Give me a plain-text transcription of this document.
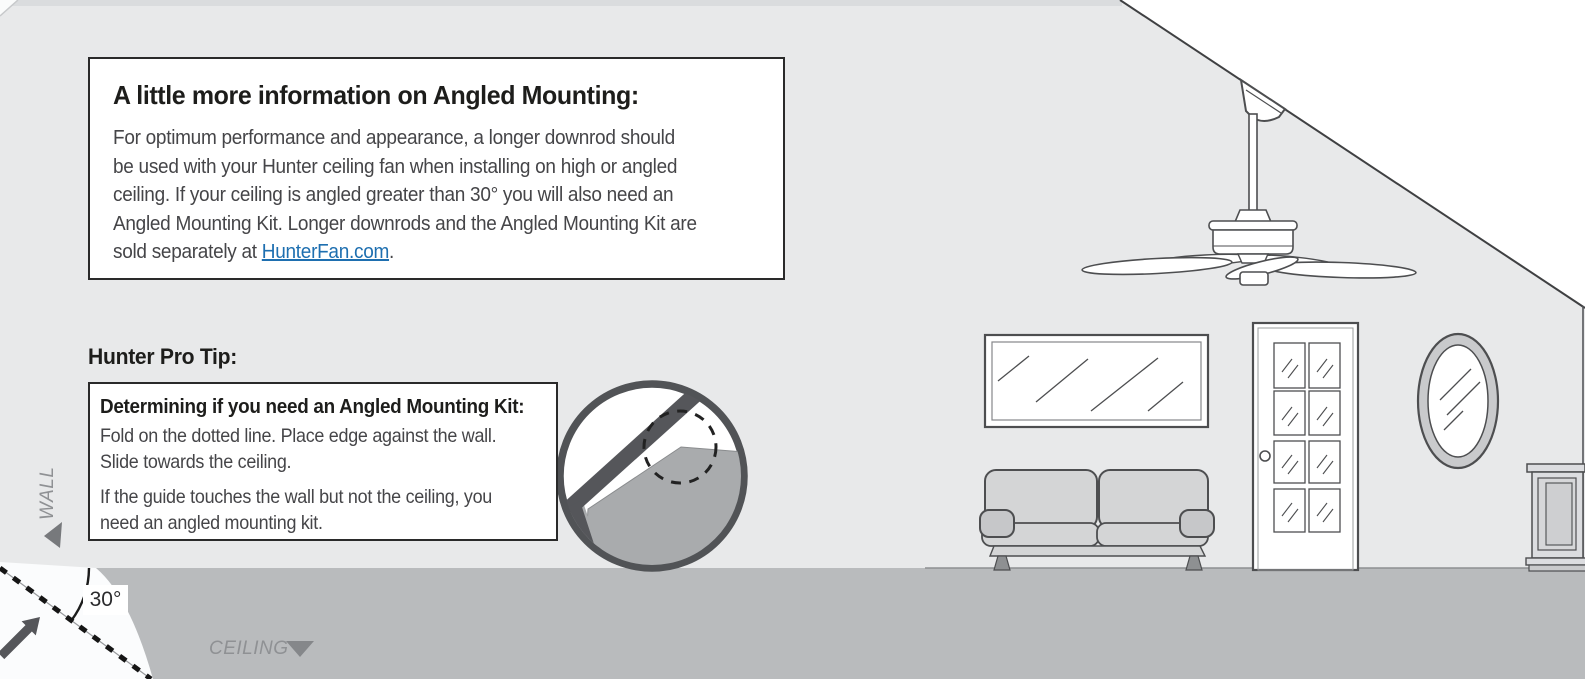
A little more information on Angled Mounting:
For optimum performance and appearance, a longer downrod should
be used with your Hunter ceiling fan when installing on high or angled
ceiling. If your ceiling is angled greater than 30° you will also need an
Angled Mounting Kit. Longer downrods and the Angled Mounting Kit are
sold separately at HunterFan.com.
Hunter Pro Tip:
Determining if you need an Angled Mounting Kit:
Fold on the dotted line. Place edge against the wall.
Slide towards the ceiling.
If the guide touches the wall but not the ceiling, you
need an angled mounting kit.
WALL
CEILING
30°
